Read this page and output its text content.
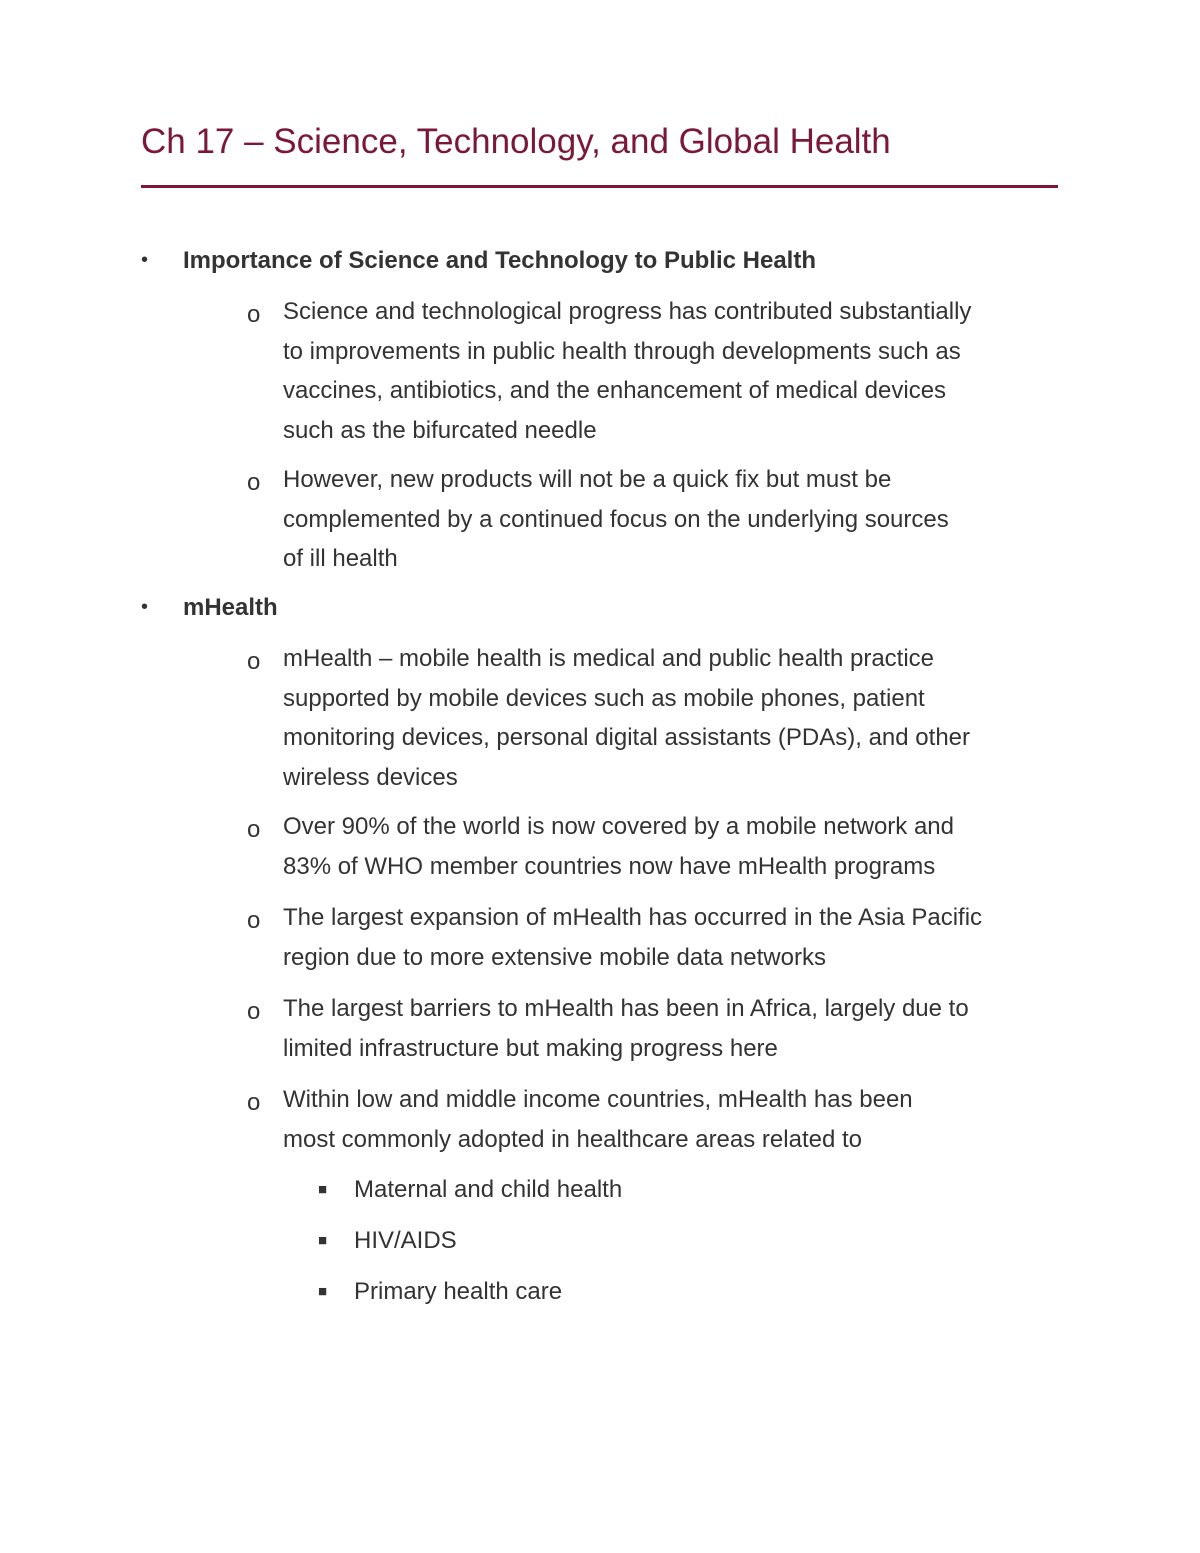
Ch 17 – Science, Technology, and Global Health
• Importance of Science and Technology to Public Health
o Science and technological progress has contributed substantially
to improvements in public health through developments such as
vaccines, antibiotics, and the enhancement of medical devices
such as the bifurcated needle
o However, new products will not be a quick fix but must be
complemented by a continued focus on the underlying sources
of ill health
• mHealth
o mHealth – mobile health is medical and public health practice
supported by mobile devices such as mobile phones, patient
monitoring devices, personal digital assistants (PDAs), and other
wireless devices
o Over 90% of the world is now covered by a mobile network and
83% of WHO member countries now have mHealth programs
o The largest expansion of mHealth has occurred in the Asia Pacific
region due to more extensive mobile data networks
o The largest barriers to mHealth has been in Africa, largely due to
limited infrastructure but making progress here
o Within low and middle income countries, mHealth has been
most commonly adopted in healthcare areas related to
■ Maternal and child health
■ HIV/AIDS
■ Primary health care
